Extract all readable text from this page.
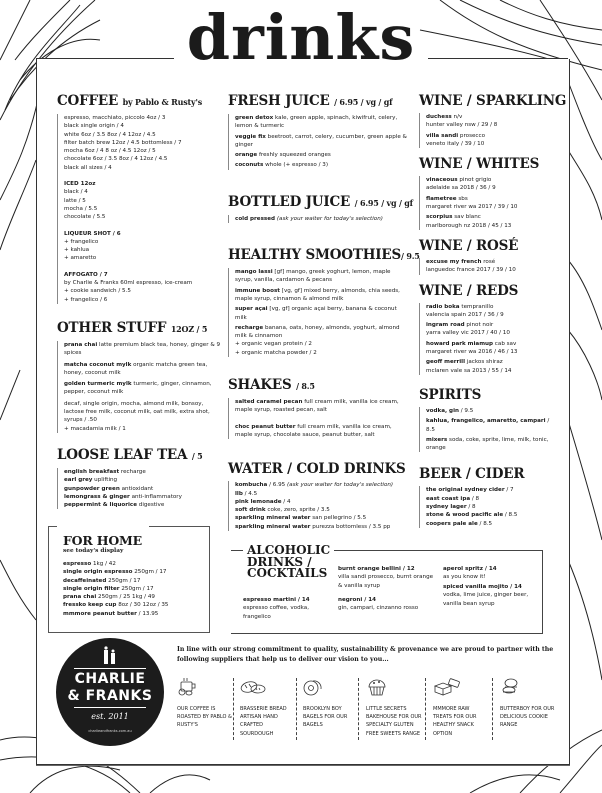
drinks
COFFEE by Pablo & Rusty's
espresso, macchiato, piccolo 4oz / 3
black single origin / 4
white 6oz / 3.5 8oz / 4 12oz / 4.5
filter batch brew 12oz / 4.5 bottomless / 7
mocha 6oz / 4 8 oz / 4.5 12oz / 5
chocolate 6oz / 3.5 8oz / 4 12oz / 4.5
black all sizes / 4
ICED 12oz
black / 4
latte / 5
mocha / 5.5
chocolate / 5.5
LIQUEUR SHOT / 6
+ frangelico
+ kahlua
+ amaretto
AFFOGATO / 7
by Charlie & Franks 60ml espresso, ice-cream
+ cookie sandwich / 5.5
+ frangelico / 6
OTHER STUFF 12OZ / 5
prana chai latte premium black tea, honey, ginger & 9 spices
matcha coconut mylk organic matcha green tea, honey, coconut milk
golden turmeric mylk turmeric, ginger, cinnamon, pepper, coconut milk
decaf, single origin, mocha, almond milk, bonsoy, lactose free milk, coconut milk, oat milk, extra shot, syrups / .50
+ macadamia milk / 1
LOOSE LEAF TEA / 5
english breakfast recharge
earl grey uplifting
gunpowder green antioxidant
lemongrass & ginger anti-inflammatory
peppermint & liquorice digestive
FOR HOME
see today's display
espresso 1kg / 42
single origin espresso 250gm / 17
decaffeinated 250gm / 17
single origin filter 250gm / 17
prana chai 250gm / 25 1kg / 49
fressko keep cup 8oz / 30 12oz / 35
mmmore peanut butter / 13.95
FRESH JUICE / 6.95 / vg / gf
green detox kale, green apple, spinach, kiwifruit, celery, lemon & turmeric
veggie fix beetroot, carrot, celery, cucumber, green apple & ginger
orange freshly squeezed oranges
coconuts whole (+ espresso / 3)
BOTTLED JUICE / 6.95 / vg / gf
cold pressed (ask your waiter for today's selection)
HEALTHY SMOOTHIES/ 9.5
mango lassi [gf] mango, greek yoghurt, lemon, maple syrup, vanilla, cardamon & pecans
immune boost [vg, gf] mixed berry, almonds, chia seeds, maple syrup, cinnamon & almond milk
super açai [vg, gf] organic açai berry, banana & coconut milk
recharge banana, oats, honey, almonds, yoghurt, almond milk & cinnamon
+ organic vegan protein / 2
+ organic matcha powder / 2
SHAKES / 8.5
salted caramel pecan full cream milk, vanilla ice cream, maple syrup, roasted pecan, salt
choc peanut butter full cream milk, vanilla ice cream, maple syrup, chocolate sauce, peanut butter, salt
WATER / COLD DRINKS
kombucha / 6.95 (ask your waiter for today's selection)
llb / 4.5
pink lemonade / 4
soft drink coke, zero, sprite / 3.5
sparkling mineral water san pellegrino / 5.5
sparkling mineral water purezza bottomless / 3.5 pp
WINE / SPARKLING
duchess n/v
hunter valley nsw / 29 / 8
villa sandi prosecco
veneto italy / 39 / 10
WINE / WHITES
vinaceous pinot grigio
adelaide sa 2018 / 36 / 9
flametree sbs
margaret river wa 2017 / 39 / 10
scorpius sav blanc
marlborough nz 2018 / 45 / 13
WINE / ROSÉ
excuse my french rosé
languedoc france 2017 / 39 / 10
WINE / REDS
radio boka tempranillo
valencia spain 2017 / 36 / 9
ingram road pinot noir
yarra valley vic 2017 / 40 / 10
howard park miamup cab sav
margaret river wa 2016 / 46 / 13
geoff merrill jackos shiraz
mclaren vale sa 2013 / 55 / 14
SPIRITS
vodka, gin / 9.5
kahlua, frangelico, amaretto, campari / 8.5
mixers soda, coke, sprite, lime, milk, tonic, orange
BEER / CIDER
the original sydney cider / 7
east coast ipa / 8
sydney lager / 8
stone & wood pacific ale / 8.5
coopers pale ale / 8.5
ALCOHOLIC
DRINKS /
COCKTAILS
espresso martini / 14
espresso coffee, vodka, frangelico
burnt orange bellini / 12
villa sandi prosecco, burnt orange & vanilla syrup
negroni / 14
gin, campari, cinzanno rosso
aperol spritz / 14
as you know it!
spiced vanilla mojito / 14
vodka, lime juice, ginger beer, vanilla bean syrup
CHARLIE
& FRANKS
est. 2011
charlieandfranks.com.au
In line with our strong commitment to quality, sustainability & provenance we are proud to partner with the following suppliers that help us to deliver our vision to you...
OUR COFFEE IS ROASTED BY PABLO & RUSTY'S
BRASSERIE BREAD ARTISAN HAND CRAFTED SOURDOUGH
BROOKLYN BOY BAGELS FOR OUR BAGELS
LITTLE SECRETS BAKEHOUSE FOR OUR SPECIALTY GLUTEN FREE SWEETS RANGE
MMMORE RAW TREATS FOR OUR HEALTHY SNACK OPTION
BUTTERBOY FOR OUR DELICIOUS COOKIE RANGE
